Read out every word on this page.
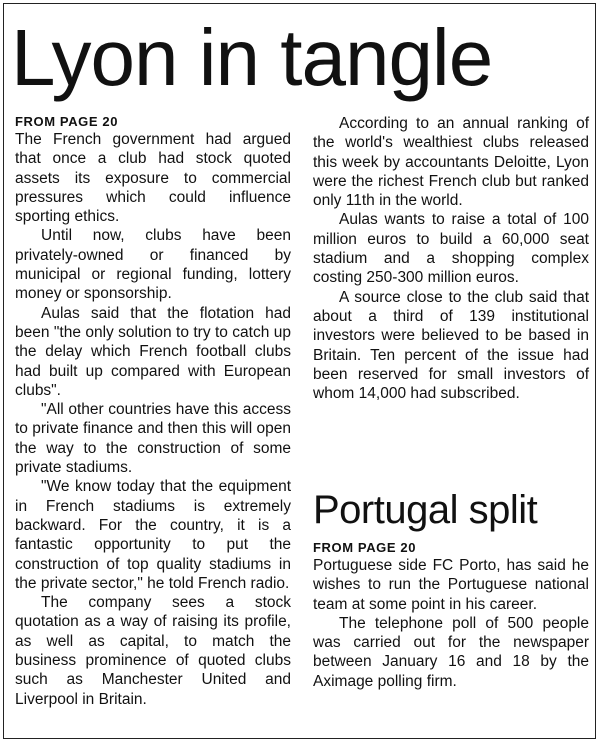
Lyon in tangle

FROM PAGE 20

The French government had argued that once a club had stock quoted assets its exposure to commercial pressures which could influence sporting ethics.

Until now, clubs have been privately-owned or financed by municipal or regional funding, lottery money or sponsorship.

Aulas said that the flotation had been "the only solution to try to catch up the delay which French football clubs had built up compared with European clubs".

"All other countries have this access to private finance and then this will open the way to the construction of some private stadiums.

"We know today that the equipment in French stadiums is extremely backward. For the country, it is a fantastic opportunity to put the construction of top quality stadiums in the private sector," he told French radio.

The company sees a stock quotation as a way of raising its profile, as well as capital, to match the business prominence of quoted clubs such as Manchester United and Liverpool in Britain.

According to an annual ranking of the world's wealthiest clubs released this week by accountants Deloitte, Lyon were the richest French club but ranked only 11th in the world.

Aulas wants to raise a total of 100 million euros to build a 60,000 seat stadium and a shopping complex costing 250-300 million euros.

A source close to the club said that about a third of 139 institutional investors were believed to be based in Britain. Ten percent of the issue had been reserved for small investors of whom 14,000 had subscribed.

Portugal split

FROM PAGE 20

Portuguese side FC Porto, has said he wishes to run the Portuguese national team at some point in his career.

The telephone poll of 500 people was carried out for the newspaper between January 16 and 18 by the Aximage polling firm.
